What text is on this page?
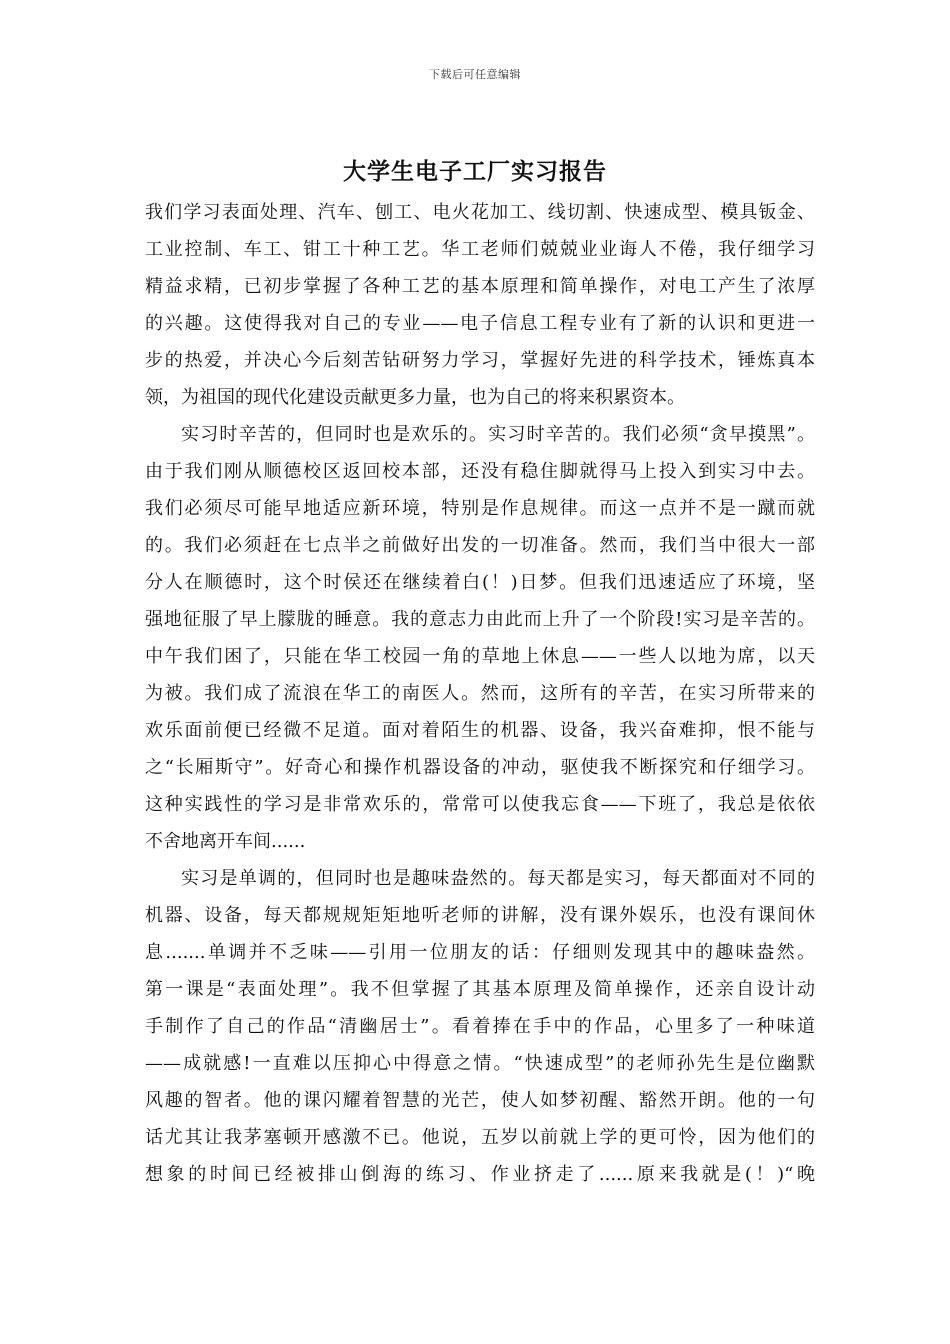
下载后可任意编辑
大学生电子工厂实习报告
我们学习表面处理、汽车、刨工、电火花加工、线切割、快速成型、模具钣金、
工业控制、车工、钳工十种工艺。华工老师们兢兢业业诲人不倦，我仔细学习
精益求精，已初步掌握了各种工艺的基本原理和简单操作，对电工产生了浓厚
的兴趣。这使得我对自己的专业——电子信息工程专业有了新的认识和更进一
步的热爱，并决心今后刻苦钻研努力学习，掌握好先进的科学技术，锤炼真本
领，为祖国的现代化建设贡献更多力量，也为自己的将来积累资本。
实习时辛苦的，但同时也是欢乐的。实习时辛苦的。我们必须“贪早摸黑”。
由于我们刚从顺德校区返回校本部，还没有稳住脚就得马上投入到实习中去。
我们必须尽可能早地适应新环境，特别是作息规律。而这一点并不是一蹴而就
的。我们必须赶在七点半之前做好出发的一切准备。然而，我们当中很大一部
分人在顺德时，这个时侯还在继续着白(！)日梦。但我们迅速适应了环境，坚
强地征服了早上朦胧的睡意。我的意志力由此而上升了一个阶段!实习是辛苦的。
中午我们困了，只能在华工校园一角的草地上休息——一些人以地为席，以天
为被。我们成了流浪在华工的南医人。然而，这所有的辛苦，在实习所带来的
欢乐面前便已经微不足道。面对着陌生的机器、设备，我兴奋难抑，恨不能与
之“长厢斯守”。好奇心和操作机器设备的冲动，驱使我不断探究和仔细学习。
这种实践性的学习是非常欢乐的，常常可以使我忘食——下班了，我总是依依
不舍地离开车间......
实习是单调的，但同时也是趣味盎然的。每天都是实习，每天都面对不同的
机器、设备，每天都规规矩矩地听老师的讲解，没有课外娱乐，也没有课间休
息.......单调并不乏味——引用一位朋友的话：仔细则发现其中的趣味盎然。
第一课是“表面处理”。我不但掌握了其基本原理及简单操作，还亲自设计动
手制作了自己的作品“清幽居士”。看着捧在手中的作品，心里多了一种味道
——成就感!一直难以压抑心中得意之情。“快速成型”的老师孙先生是位幽默
风趣的智者。他的课闪耀着智慧的光芒，使人如梦初醒、豁然开朗。他的一句
话尤其让我茅塞顿开感激不已。他说，五岁以前就上学的更可怜，因为他们的
想象的时间已经被排山倒海的练习、作业挤走了......原来我就是(！)“晚
